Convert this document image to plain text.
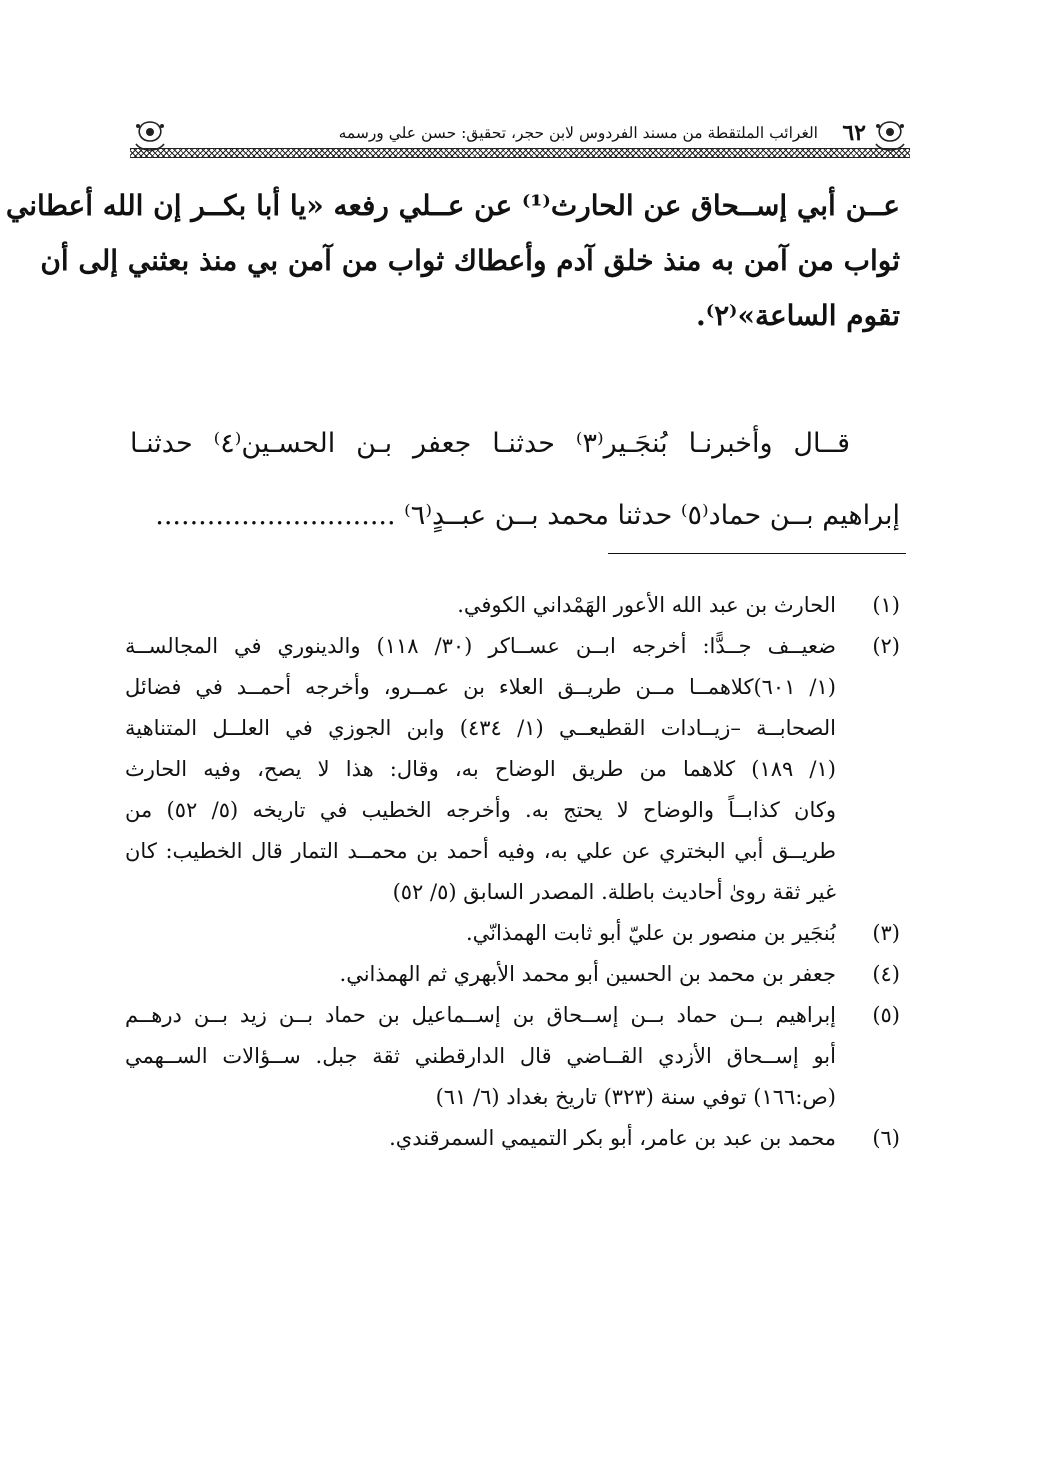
٦٢
الغرائب الملتقطة من مسند الفردوس لابن حجر، تحقيق: حسن علي ورسمه
عــن أبي إســحاق عن الحارث⁽¹⁾ عن عــلي رفعه «يا أبا بكــر إن الله أعطاني
ثواب من آمن به منذ خلق آدم وأعطاك ثواب من آمن بي منذ بعثني إلى أن
تقوم الساعة»⁽٢⁾.
قــال وأخبرنـا بُنجَـير⁽٣⁾ حدثنـا جعفر بـن الحسـين⁽٤⁾ حدثنـا
إبراهيم بــن حماد⁽٥⁾ حدثنا محمد بــن عبــدٍ⁽٦⁾ ............................
(١)
الحارث بن عبد الله الأعور الهَمْداني الكوفي.
(٢)
ضعيــف جــدًّا: أخرجه ابــن عســاكر (٣٠/ ١١٨) والدينوري في المجالســة
(١/ ٦٠١)كلاهمــا مــن طريــق العلاء بن عمــرو، وأخرجه أحمــد في فضائل
الصحابــة –زيــادات القطيعــي (١/ ٤٣٤) وابن الجوزي في العلــل المتناهية
(١/ ١٨٩) كلاهما من طريق الوضاح به، وقال: هذا لا يصح، وفيه الحارث
وكان كذابــاً والوضاح لا يحتج به. وأخرجه الخطيب في تاريخه (٥/ ٥٢) من
طريــق أبي البختري عن علي به، وفيه أحمد بن محمــد التمار قال الخطيب: كان
غير ثقة روىٰ أحاديث باطلة. المصدر السابق (٥/ ٥٢)
(٣)
بُنجَير بن منصور بن عليّ أبو ثابت الهمذانّي.
(٤)
جعفر بن محمد بن الحسين أبو محمد الأبهري ثم الهمذاني.
(٥)
إبراهيم بــن حماد بــن إســحاق بن إســماعيل بن حماد بــن زيد بــن درهــم
أبو إســحاق الأزدي القــاضي قال الدارقطني ثقة جبل. ســؤالات الســهمي
(ص:١٦٦) توفي سنة (٣٢٣) تاريخ بغداد (٦/ ٦١)
(٦)
محمد بن عبد بن عامر، أبو بكر التميمي السمرقندي.
